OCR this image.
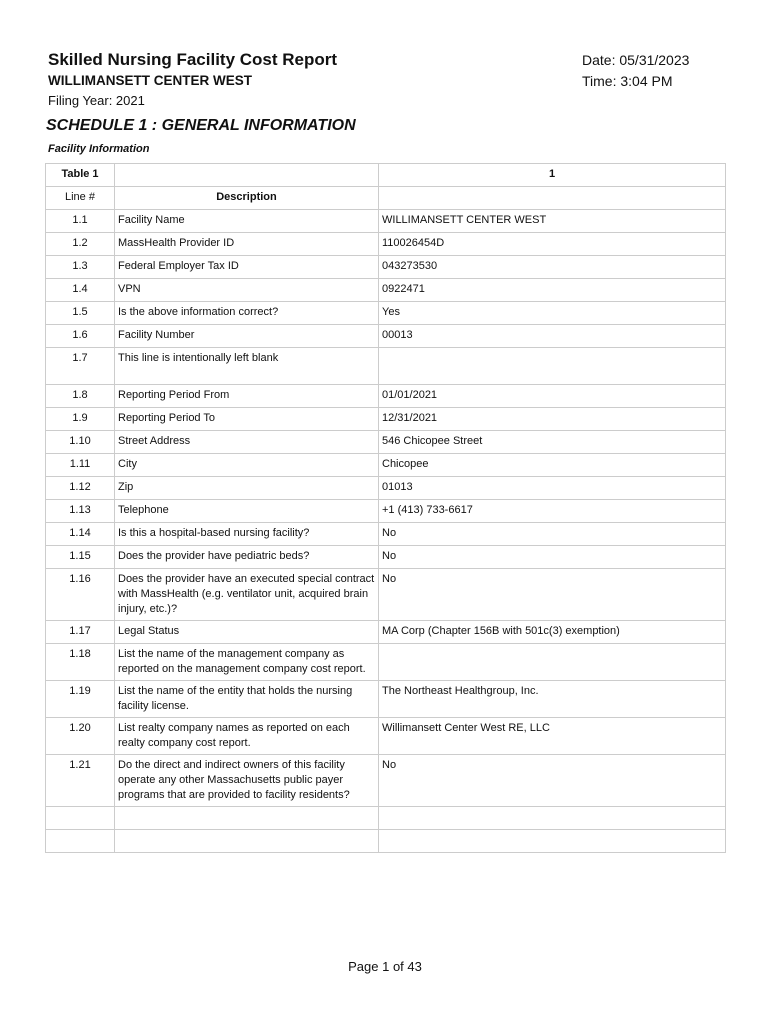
Skilled Nursing Facility Cost Report
WILLIMANSETT CENTER WEST
Filing Year: 2021
Date: 05/31/2023
Time: 3:04 PM
SCHEDULE 1 : GENERAL INFORMATION
Facility Information
Table 1		1
Line #	Description	
1.1	Facility Name	WILLIMANSETT CENTER WEST
1.2	MassHealth Provider ID	110026454D
1.3	Federal Employer Tax ID	043273530
1.4	VPN	0922471
1.5	Is the above information correct?	Yes
1.6	Facility Number	00013
1.7	This line is intentionally left blank	
1.8	Reporting Period From	01/01/2021
1.9	Reporting Period To	12/31/2021
1.10	Street Address	546 Chicopee Street
1.11	City	Chicopee
1.12	Zip	01013
1.13	Telephone	+1 (413) 733-6617
1.14	Is this a hospital-based nursing facility?	No
1.15	Does the provider have pediatric beds?	No
1.16	Does the provider have an executed special contract with MassHealth (e.g. ventilator unit, acquired brain injury, etc.)?	No
1.17	Legal Status	MA Corp (Chapter 156B with 501c(3) exemption)
1.18	List the name of the management company as reported on the management company cost report.	
1.19	List the name of the entity that holds the nursing facility license.	The Northeast Healthgroup, Inc.
1.20	List realty company names as reported on each realty company cost report.	Willimansett Center West RE, LLC
1.21	Do the direct and indirect owners of this facility operate any other Massachusetts public payer programs that are provided to facility residents?	No

Page 1 of 43
